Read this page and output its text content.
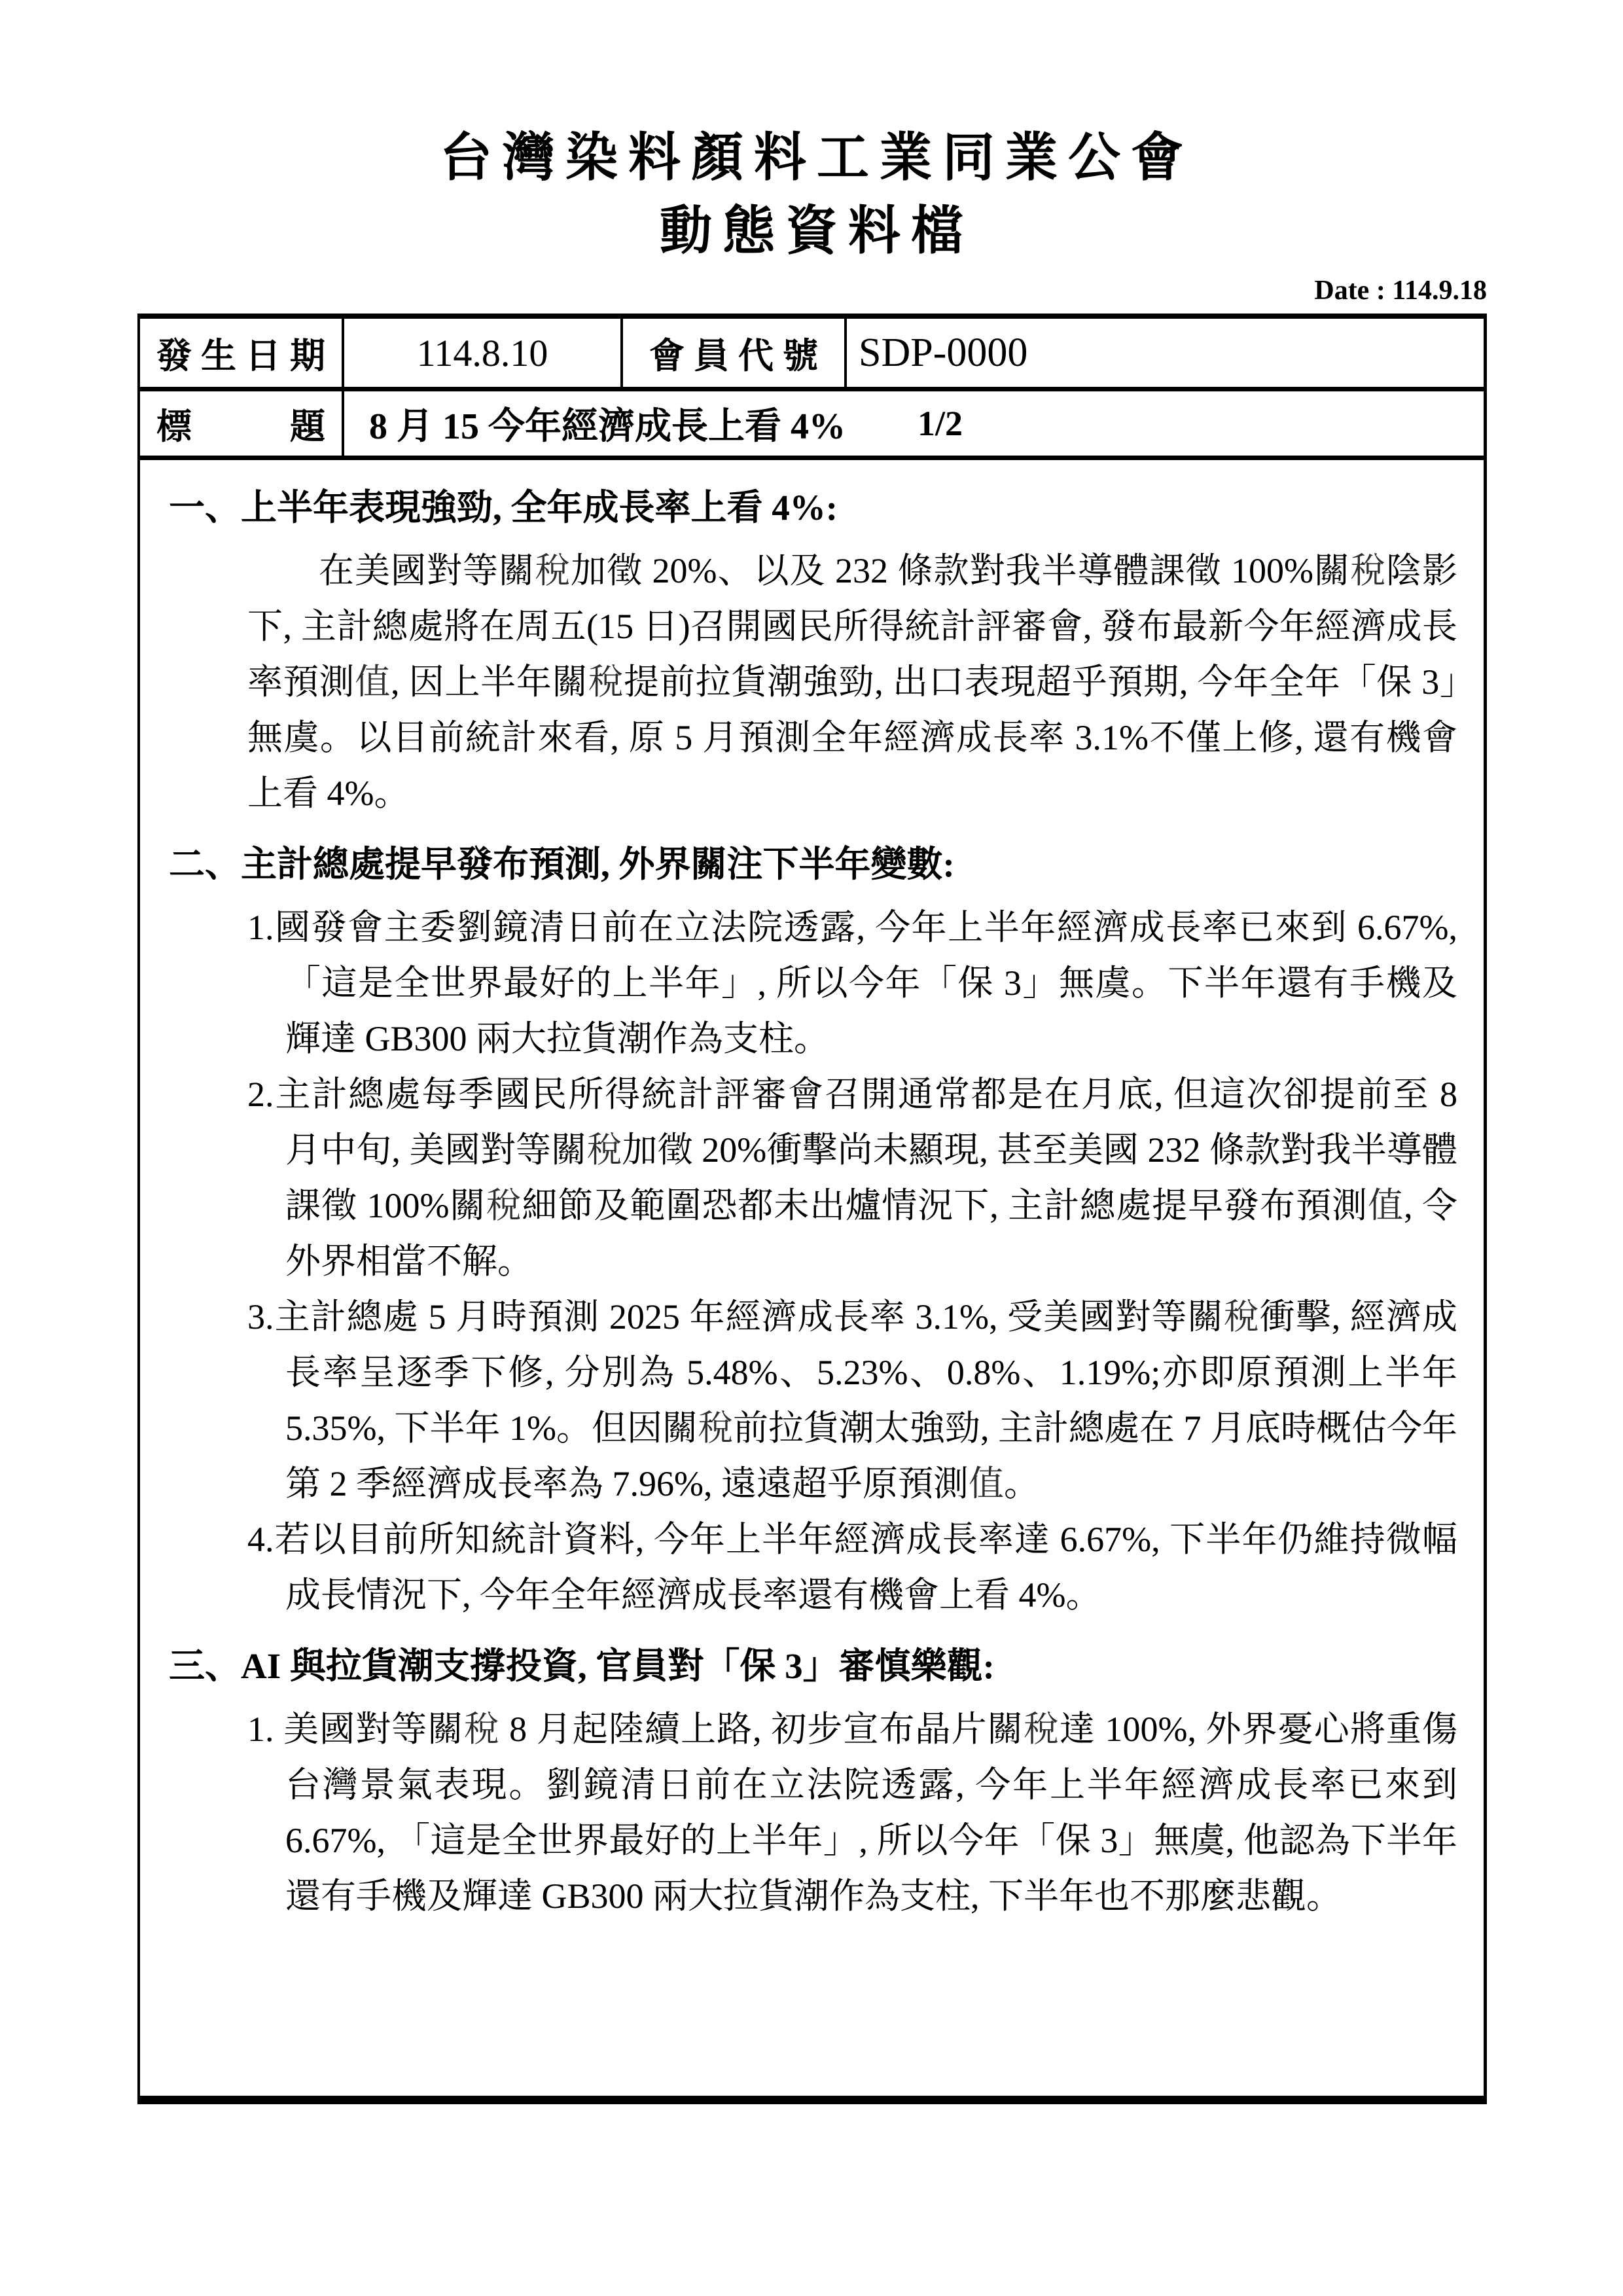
台灣染料顏料工業同業公會
動態資料檔
Date : 114.9.18
發生日期	114.8.10	會員代號 SDP-0000
標　　題 8 月 15 今年經濟成長上看 4% 1/2
一、上半年表現強勁, 全年成長率上看 4%:

在美國對等關稅加徵 20%、以及 232 條款對我半導體課徵 100%關稅陰影下, 主計總處將在周五(15 日)召開國民所得統計評審會, 發布最新今年經濟成長率預測值, 因上半年關稅提前拉貨潮強勁, 出口表現超乎預期, 今年全年「保 3」無虞。以目前統計來看, 原 5 月預測全年經濟成長率 3.1%不僅上修, 還有機會上看 4%。

二、主計總處提早發布預測, 外界關注下半年變數:

1.國發會主委劉鏡清日前在立法院透露, 今年上半年經濟成長率已來到 6.67%, 「這是全世界最好的上半年」, 所以今年「保 3」無虞。下半年還有手機及輝達 GB300 兩大拉貨潮作為支柱。

2.主計總處每季國民所得統計評審會召開通常都是在月底, 但這次卻提前至 8 月中旬, 美國對等關稅加徵 20%衝擊尚未顯現, 甚至美國 232 條款對我半導體課徵 100%關稅細節及範圍恐都未出爐情況下, 主計總處提早發布預測值, 令外界相當不解。

3.主計總處 5 月時預測 2025 年經濟成長率 3.1%, 受美國對等關稅衝擊, 經濟成長率呈逐季下修, 分別為 5.48%、5.23%、0.8%、1.19%;亦即原預測上半年 5.35%, 下半年 1%。但因關稅前拉貨潮太強勁, 主計總處在 7 月底時概估今年第 2 季經濟成長率為 7.96%, 遠遠超乎原預測值。

4.若以目前所知統計資料, 今年上半年經濟成長率達 6.67%, 下半年仍維持微幅成長情況下, 今年全年經濟成長率還有機會上看 4%。

三、AI 與拉貨潮支撐投資, 官員對「保 3」審慎樂觀:

1. 美國對等關稅 8 月起陸續上路, 初步宣布晶片關稅達 100%, 外界憂心將重傷台灣景氣表現。劉鏡清日前在立法院透露, 今年上半年經濟成長率已來到 6.67%, 「這是全世界最好的上半年」, 所以今年「保 3」無虞, 他認為下半年還有手機及輝達 GB300 兩大拉貨潮作為支柱, 下半年也不那麼悲觀。
